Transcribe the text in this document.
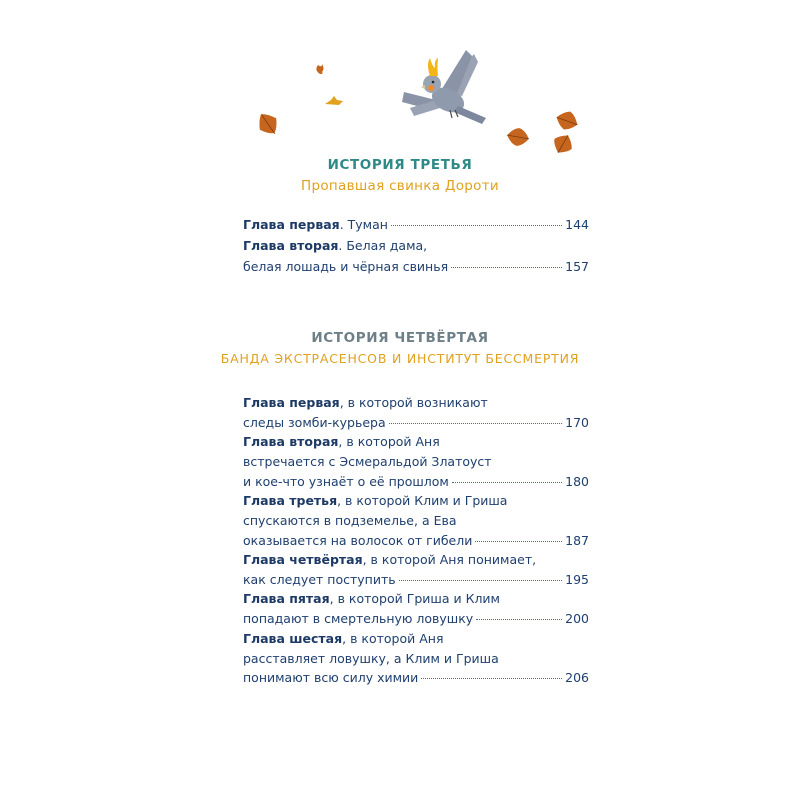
ИСТОРИЯ ТРЕТЬЯ

Пропавшая свинка Дороти

Глава первая . Туман	144
Глава вторая . Белая дама,
белая лошадь и чёрная свинья	157
ИСТОРИЯ ЧЕТВЁРТАЯ

БАНДА ЭКСТРАСЕНСОВ И ИНСТИТУТ БЕССМЕРТИЯ

Глава первая , в которой возникают
следы зомби-курьера	170
Глава вторая , в которой Аня
встречается с Эсмеральдой Златоуст
и кое-что узнаёт о её прошлом	180
Глава третья , в которой Клим и Гриша
спускаются в подземелье, а Ева
оказывается на волосок от гибели	187
Глава четвёртая , в которой Аня понимает,
как следует поступить	195
Глава пятая , в которой Гриша и Клим
попадают в смертельную ловушку	200
Глава шестая , в которой Аня
расставляет ловушку, а Клим и Гриша
понимают всю силу химии	206
